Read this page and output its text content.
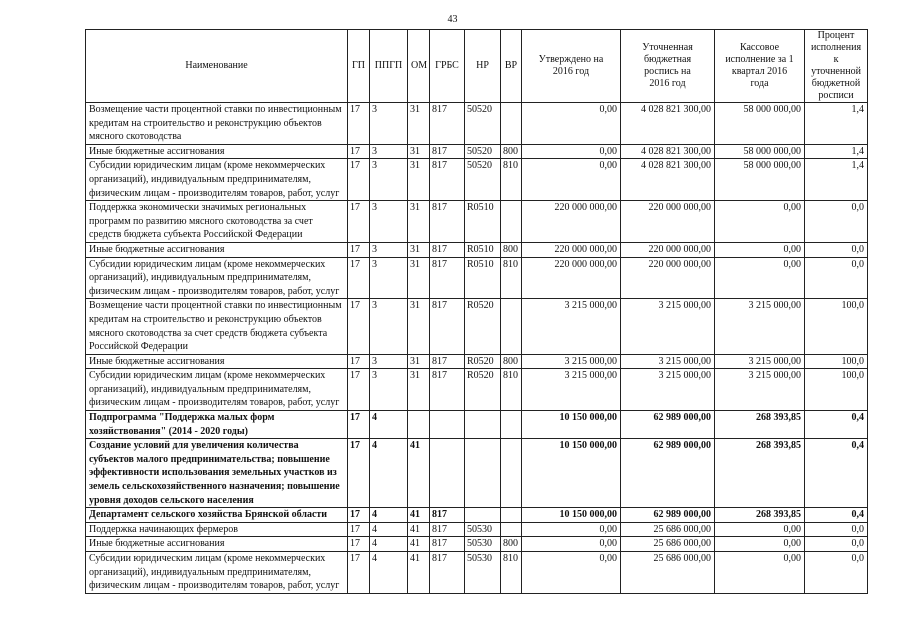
43
Наименование	ГП	ППГП	ОМ	ГРБС	НР	ВР	Утверждено на 2016 год	Уточненная бюджетная роспись на 2016 год	Кассовое исполнение за 1 квартал 2016 года	Процент исполнения к уточненной бюджетной росписи
Возмещение части процентной ставки по инвестиционным кредитам на строительство и реконструкцию объектов мясного скотоводства	17	3	31	817	50520		0,00	4 028 821 300,00	58 000 000,00	1,4
Иные бюджетные ассигнования	17	3	31	817	50520	800	0,00	4 028 821 300,00	58 000 000,00	1,4
Субсидии юридическим лицам (кроме некоммерческих организаций), индивидуальным предпринимателям, физическим лицам - производителям товаров, работ, услуг	17	3	31	817	50520	810	0,00	4 028 821 300,00	58 000 000,00	1,4
Поддержка экономически значимых региональных программ по развитию мясного скотоводства за счет средств бюджета субъекта Российской Федерации	17	3	31	817	R0510		220 000 000,00	220 000 000,00	0,00	0,0
Иные бюджетные ассигнования	17	3	31	817	R0510	800	220 000 000,00	220 000 000,00	0,00	0,0
Субсидии юридическим лицам (кроме некоммерческих организаций), индивидуальным предпринимателям, физическим лицам - производителям товаров, работ, услуг	17	3	31	817	R0510	810	220 000 000,00	220 000 000,00	0,00	0,0
Возмещение части процентной ставки по инвестиционным кредитам на строительство и реконструкцию объектов мясного скотоводства за счет средств бюджета субъекта Российской Федерации	17	3	31	817	R0520		3 215 000,00	3 215 000,00	3 215 000,00	100,0
Иные бюджетные ассигнования	17	3	31	817	R0520	800	3 215 000,00	3 215 000,00	3 215 000,00	100,0
Субсидии юридическим лицам (кроме некоммерческих организаций), индивидуальным предпринимателям, физическим лицам - производителям товаров, работ, услуг	17	3	31	817	R0520	810	3 215 000,00	3 215 000,00	3 215 000,00	100,0
Подпрограмма "Поддержка малых форм хозяйствования" (2014 - 2020 годы)	17	4					10 150 000,00	62 989 000,00	268 393,85	0,4
Создание условий для увеличения количества субъектов малого предпринимательства; повышение эффективности использования земельных участков из земель сельскохозяйственного назначения; повышение уровня доходов сельского населения	17	4	41				10 150 000,00	62 989 000,00	268 393,85	0,4
Департамент сельского хозяйства Брянской области	17	4	41	817			10 150 000,00	62 989 000,00	268 393,85	0,4
Поддержка начинающих фермеров	17	4	41	817	50530		0,00	25 686 000,00	0,00	0,0
Иные бюджетные ассигнования	17	4	41	817	50530	800	0,00	25 686 000,00	0,00	0,0
Субсидии юридическим лицам (кроме некоммерческих организаций), индивидуальным предпринимателям, физическим лицам - производителям товаров, работ, услуг	17	4	41	817	50530	810	0,00	25 686 000,00	0,00	0,0
